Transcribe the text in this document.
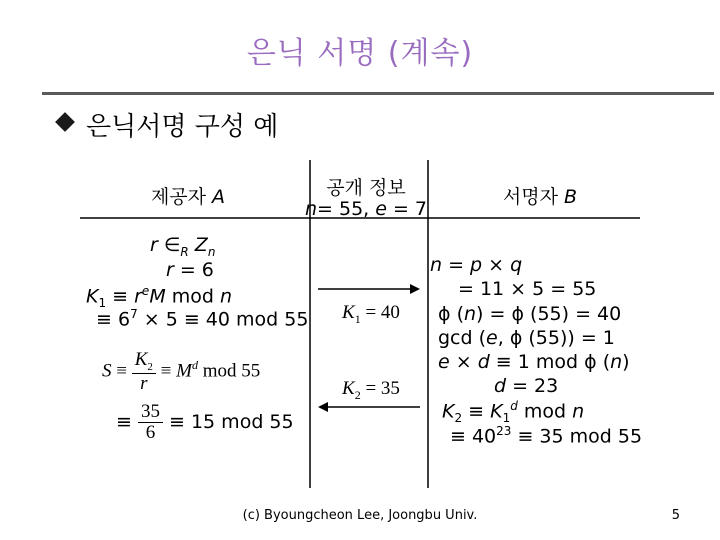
은닉 서명 (계속)
은닉서명 구성 예
제공자 A	공개 정보
n= 55, e = 7
서명자 B
r $\in_R$ $Z_n$
r = 6
$K_1 \equiv r^eM$ mod n
≡ $6^7 \times 5 \equiv 40$ mod 55
$S \equiv \frac{K_2}{r} \equiv M^d$ mod 55
≡ $\frac{35}{6} \equiv 15$ mod 55
$K_1 = 40$
$K_2 = 35$
n = p × q
= 11 × 5 = 55
ϕ (n) = ϕ (55) = 40
gcd (e, ϕ (55)) = 1
e × d ≡ 1 mod ϕ (n)
d = 23
$K_2 \equiv K_1^d$ mod n
≡ $40^{23} \equiv 35$ mod 55
(c) Byoungcheon Lee, Joongbu Univ.	5
